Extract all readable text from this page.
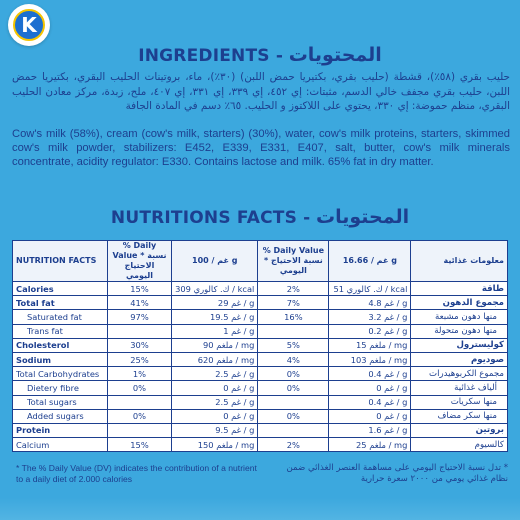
K
INGREDIENTS - المحتويات

حليب بقري (٥٨٪)، قشطة (حليب بقري، بكتيريا حمض اللبن) (٣٠٪)، ماء، بروتينات الحليب البقري، بكتيريا حمض اللبن، حليب بقري مجفف خالي الدسم، مثبتات: إي ٤٥٢، إي ٣٣٩، إي ٣٣١، إي ٤٠٧، ملح، زبدة، مركز معادن الحليب البقري، منظم حموضة: إي ٣٣٠، يحتوي على اللاكتوز و الحليب. ٦٥٪ دسم في المادة الجافة

Cow's milk (58%), cream (cow's milk, starters) (30%), water, cow's milk proteins, starters, skimmed cow's milk powder, stabilizers: E452, E339, E331, E407, salt, butter, cow's milk minerals concentrate, acidity regulator: E330. Contains lactose and milk. 65% fat in dry matter.

NUTRITIONS FACTS - المحتويات
NUTRITION FACTS	% Daily Value * نسبة الاحتياج اليومي	غم / 100 g	% Daily Value * نسبة الاحتياج اليومي	غم / 16.66 g	معلومات غذائية
Calories	15%	309 ك. كالوري / kcal	2%	51 ك. كالوري / kcal	طاقة
Total fat	41%	29 غم / g	7%	4.8 غم / g	مجموع الدهون
Saturated fat	97%	19.5 غم / g	16%	3.2 غم / g	منها دهون مشبعة
Trans fat		1 غم / g		0.2 غم / g	منها دهون متحولة
Cholesterol	30%	90 ملغم / mg	5%	15 ملغم / mg	كوليسترول
Sodium	25%	620 ملغم / mg	4%	103 ملغم / mg	صوديوم
Total Carbohydrates	1%	2.5 غم / g	0%	0.4 غم / g	مجموع الكربوهيدرات
Dietery fibre	0%	0 غم / g	0%	0 غم / g	ألياف غذائية
Total sugars		2.5 غم / g		0.4 غم / g	منها سكريات
Added sugars	0%	0 غم / g	0%	0 غم / g	منها سكر مضاف
Protein		9.5 غم / g		1.6 غم / g	بروتين
Calcium	15%	150 ملغم / mg	2%	25 ملغم / mg	كالسيوم
* The % Daily Value (DV) indicates the contribution of a nutrient to a daily diet of 2.000 calories
* تدل نسبة الاحتياج اليومي على مساهمة العنصر الغذائي ضمن نظام غذائي يومي من ٢٠٠٠ سعرة حرارية
